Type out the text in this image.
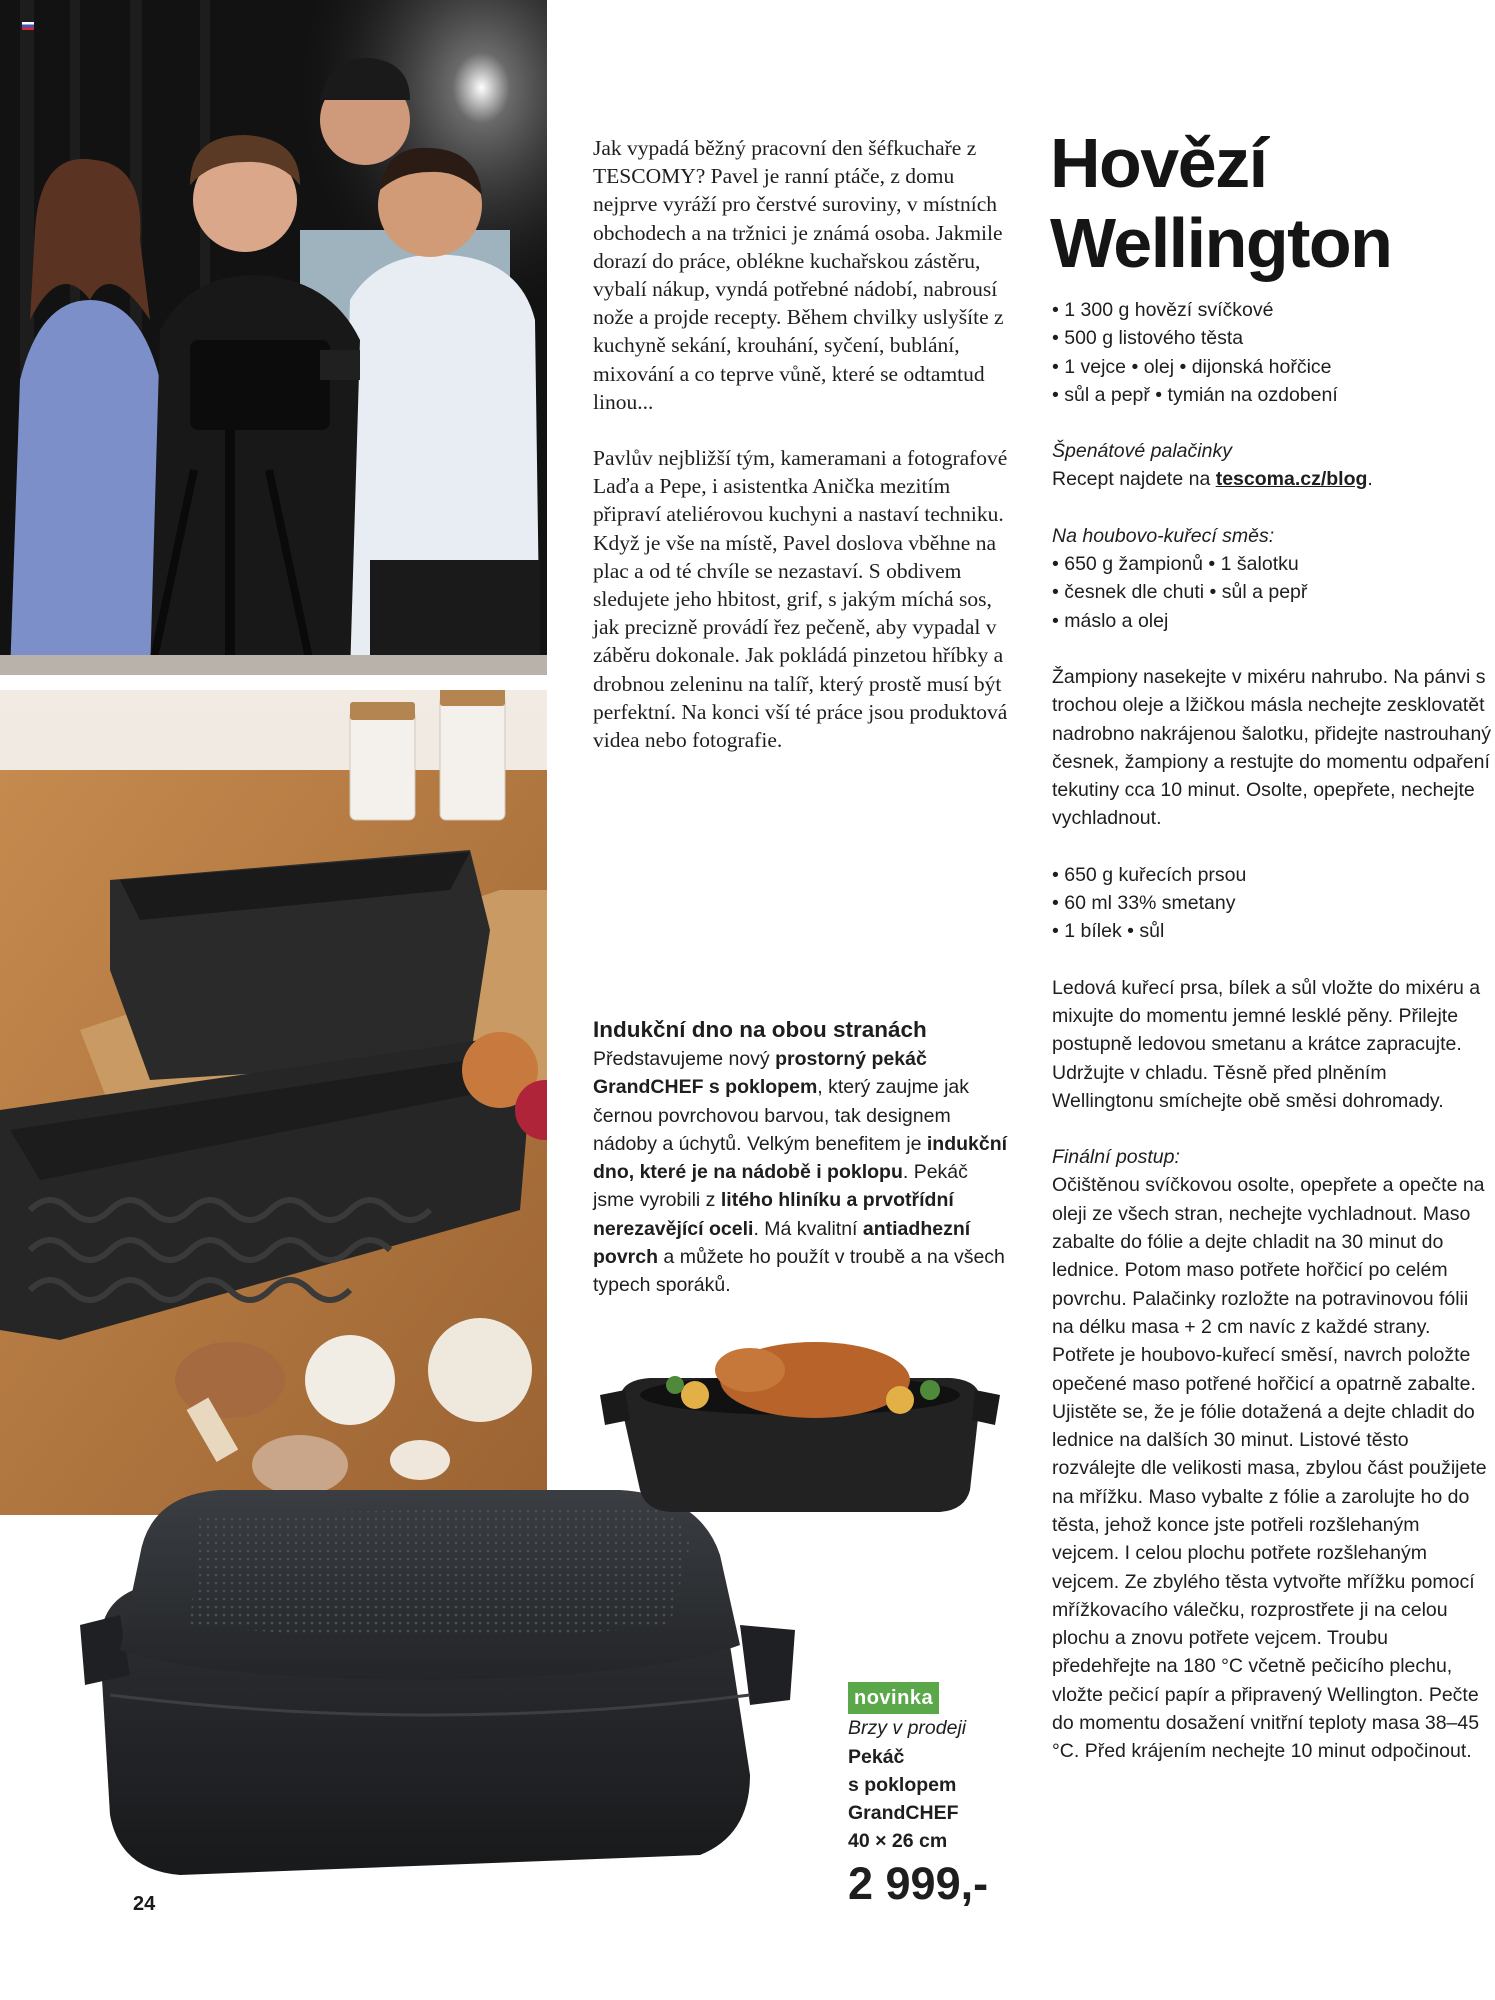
Jak vypadá běžný pracovní den šéfkuchaře z TESCOMY? Pavel je ranní ptáče, z domu nejprve vyráží pro čerstvé suroviny, v místních obchodech a na tržnici je známá osoba. Jakmile dorazí do práce, oblékne kuchařskou zástěru, vybalí nákup, vyndá potřebné nádobí, nabrousí nože a projde recepty. Během chvilky uslyšíte z kuchyně sekání, krouhání, syčení, bublání, mixování a co teprve vůně, které se odtamtud linou...

Pavlův nejbližší tým, kameramani a fotografové Laďa a Pepe, i asistentka Anička mezitím připraví ateliérovou kuchyni a nastaví techniku. Když je vše na místě, Pavel doslova vběhne na plac a od té chvíle se nezastaví. S obdivem sledujete jeho hbitost, grif, s jakým míchá sos, jak precizně provádí řez pečeně, aby vypadal v záběru dokonale. Jak pokládá pinzetou hříbky a drobnou zeleninu na talíř, který prostě musí být perfektní. Na konci vší té práce jsou produktová videa nebo fotografie.

Indukční dno na obou stranách
Představujeme nový prostorný pekáč GrandCHEF s poklopem, který zaujme jak černou povrchovou barvou, tak designem nádoby a úchytů. Velkým benefitem je indukční dno, které je na nádobě i poklopu. Pekáč jsme vyrobili z litého hliníku a prvotřídní nerezavějící oceli. Má kvalitní antiadhezní povrch a můžete ho použít v troubě a na všech typech sporáků.
novinka
Brzy v prodeji
Pekáč
s poklopem
GrandCHEF
40 × 26 cm
2 999,-
24
Hovězí
Wellington
• 1 300 g hovězí svíčkové
• 500 g listového těsta
• 1 vejce • olej • dijonská hořčice
• sůl a pepř • tymián na ozdobení

Špenátové palačinky

Recept najdete na tescoma.cz/blog.

Na houbovo-kuřecí směs:

• 650 g žampionů • 1 šalotku
• česnek dle chuti • sůl a pepř
• máslo a olej

Žampiony nasekejte v mixéru nahrubo. Na pánvi s trochou oleje a lžičkou másla nechejte zesklovatět nadrobno nakrájenou šalotku, přidejte nastrouhaný česnek, žampiony a restujte do momentu odpaření tekutiny cca 10 minut. Osolte, opepřete, nechejte vychladnout.

• 650 g kuřecích prsou
• 60 ml 33% smetany
• 1 bílek • sůl

Ledová kuřecí prsa, bílek a sůl vložte do mixéru a mixujte do momentu jemné lesklé pěny. Přilejte postupně ledovou smetanu a krátce zapracujte. Udržujte v chladu. Těsně před plněním Wellingtonu smíchejte obě směsi dohromady.

Finální postup:

Očištěnou svíčkovou osolte, opepřete a opečte na oleji ze všech stran, nechejte vychladnout. Maso zabalte do fólie a dejte chladit na 30 minut do lednice. Potom maso potřete hořčicí po celém povrchu. Palačinky rozložte na potravinovou fólii na délku masa + 2 cm navíc z každé strany. Potřete je houbovo-kuřecí směsí, navrch položte opečené maso potřené hořčicí a opatrně zabalte. Ujistěte se, že je fólie dotažená a dejte chladit do lednice na dalších 30 minut. Listové těsto rozválejte dle velikosti masa, zbylou část použijete na mřížku. Maso vybalte z fólie a zarolujte ho do těsta, jehož konce jste potřeli rozšlehaným vejcem. I celou plochu potřete rozšlehaným vejcem. Ze zbylého těsta vytvořte mřížku pomocí mřížkovacího válečku, rozprostřete ji na celou plochu a znovu potřete vejcem. Troubu předehřejte na 180 °C včetně pečicího plechu, vložte pečicí papír a připravený Wellington. Pečte do momentu dosažení vnitřní teploty masa 38–45 °C. Před krájením nechejte 10 minut odpočinout.
